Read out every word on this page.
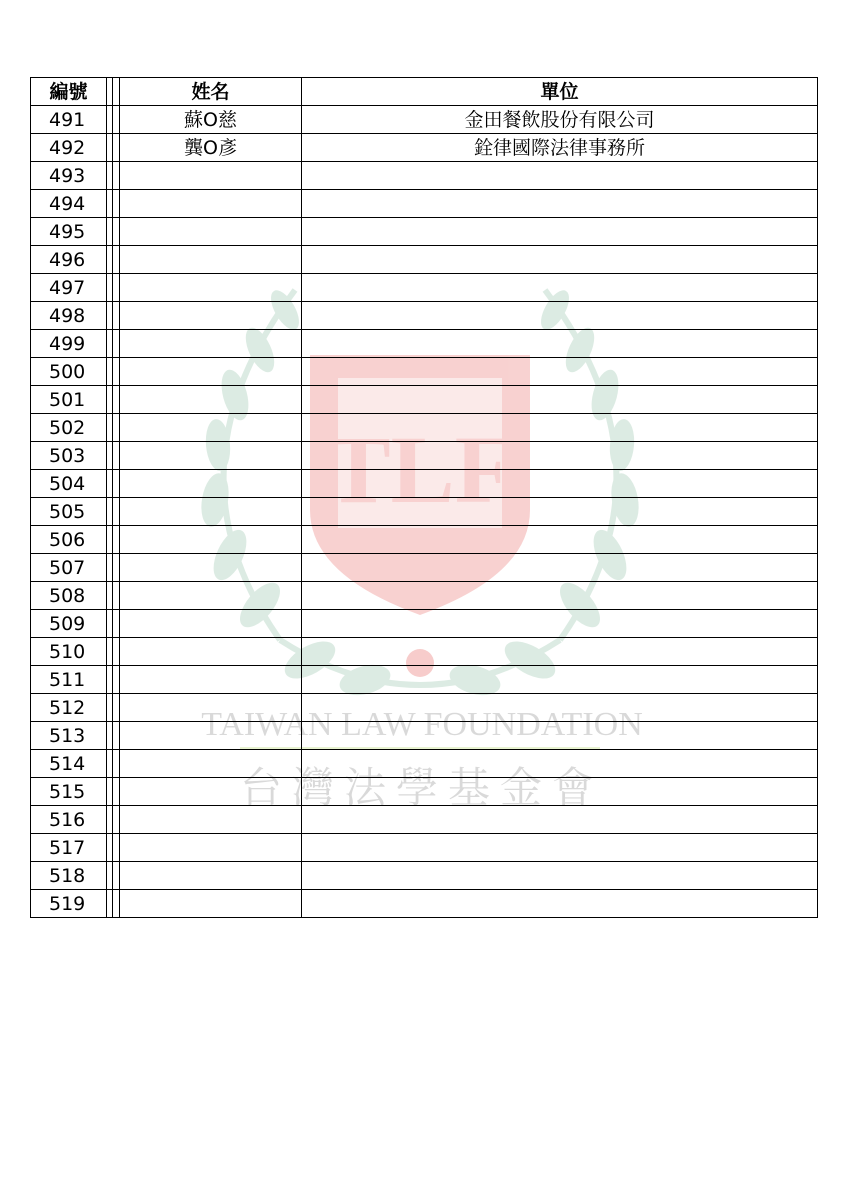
TLF
TAIWAN LAW FOUNDATION
台灣法學基金會
編號			姓名	單位
491			蘇O慈	金田餐飲股份有限公司
492			龔O彥	銓律國際法律事務所
493				
494				
495				
496				
497				
498				
499				
500				
501				
502				
503				
504				
505				
506				
507				
508				
509				
510				
511				
512				
513				
514				
515				
516				
517				
518				
519				
